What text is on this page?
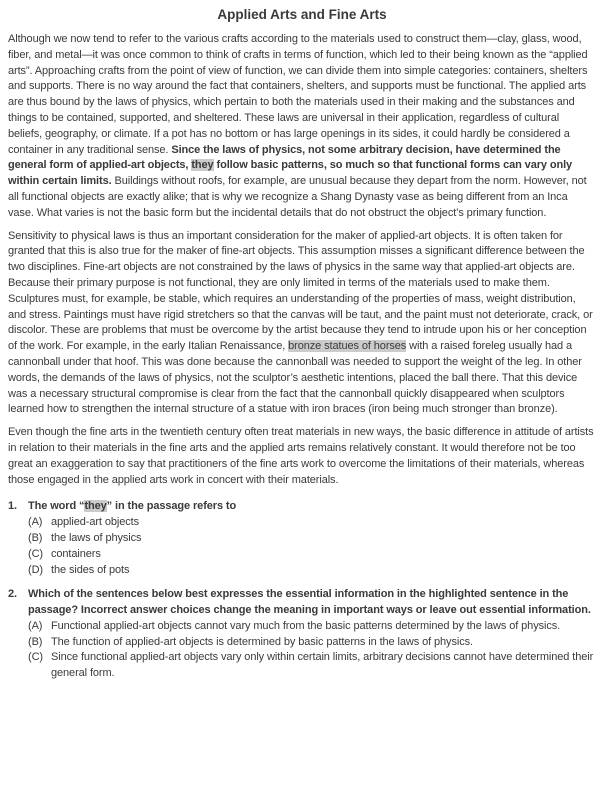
Applied Arts and Fine Arts

Although we now tend to refer to the various crafts according to the materials used to construct them—clay, glass, wood, fiber, and metal—it was once common to think of crafts in terms of function, which led to their being known as the “applied arts”. Approaching crafts from the point of view of function, we can divide them into simple categories: containers, shelters and supports. There is no way around the fact that containers, shelters, and supports must be functional. The applied arts are thus bound by the laws of physics, which pertain to both the materials used in their making and the substances and things to be contained, supported, and sheltered. These laws are universal in their application, regardless of cultural beliefs, geography, or climate. If a pot has no bottom or has large openings in its sides, it could hardly be considered a container in any traditional sense. Since the laws of physics, not some arbitrary decision, have determined the general form of applied-art objects, they follow basic patterns, so much so that functional forms can vary only within certain limits. Buildings without roofs, for example, are unusual because they depart from the norm. However, not all functional objects are exactly alike; that is why we recognize a Shang Dynasty vase as being different from an Inca vase. What varies is not the basic form but the incidental details that do not obstruct the object’s primary function.

Sensitivity to physical laws is thus an important consideration for the maker of applied-art objects. It is often taken for granted that this is also true for the maker of fine-art objects. This assumption misses a significant difference between the two disciplines. Fine-art objects are not constrained by the laws of physics in the same way that applied-art objects are. Because their primary purpose is not functional, they are only limited in terms of the materials used to make them. Sculptures must, for example, be stable, which requires an understanding of the properties of mass, weight distribution, and stress. Paintings must have rigid stretchers so that the canvas will be taut, and the paint must not deteriorate, crack, or discolor. These are problems that must be overcome by the artist because they tend to intrude upon his or her conception of the work. For example, in the early Italian Renaissance, bronze statues of horses with a raised foreleg usually had a cannonball under that hoof. This was done because the cannonball was needed to support the weight of the leg. In other words, the demands of the laws of physics, not the sculptor’s aesthetic intentions, placed the ball there. That this device was a necessary structural compromise is clear from the fact that the cannonball quickly disappeared when sculptors learned how to strengthen the internal structure of a statue with iron braces (iron being much stronger than bronze).

Even though the fine arts in the twentieth century often treat materials in new ways, the basic difference in attitude of artists in relation to their materials in the fine arts and the applied arts remains relatively constant. It would therefore not be too great an exaggeration to say that practitioners of the fine arts work to overcome the limitations of their materials, whereas those engaged in the applied arts work in concert with their materials.

1.	The word “they” in the passage refers to
(A) applied-art objects
(B) the laws of physics
(C) containers
(D) the sides of pots
2.	Which of the sentences below best expresses the essential information in the highlighted sentence in the passage? Incorrect answer choices change the meaning in important ways or leave out essential information.
(A) Functional applied-art objects cannot vary much from the basic patterns determined by the laws of physics.
(B) The function of applied-art objects is determined by basic patterns in the laws of physics.
(C) Since functional applied-art objects vary only within certain limits, arbitrary decisions cannot have determined their general form.
